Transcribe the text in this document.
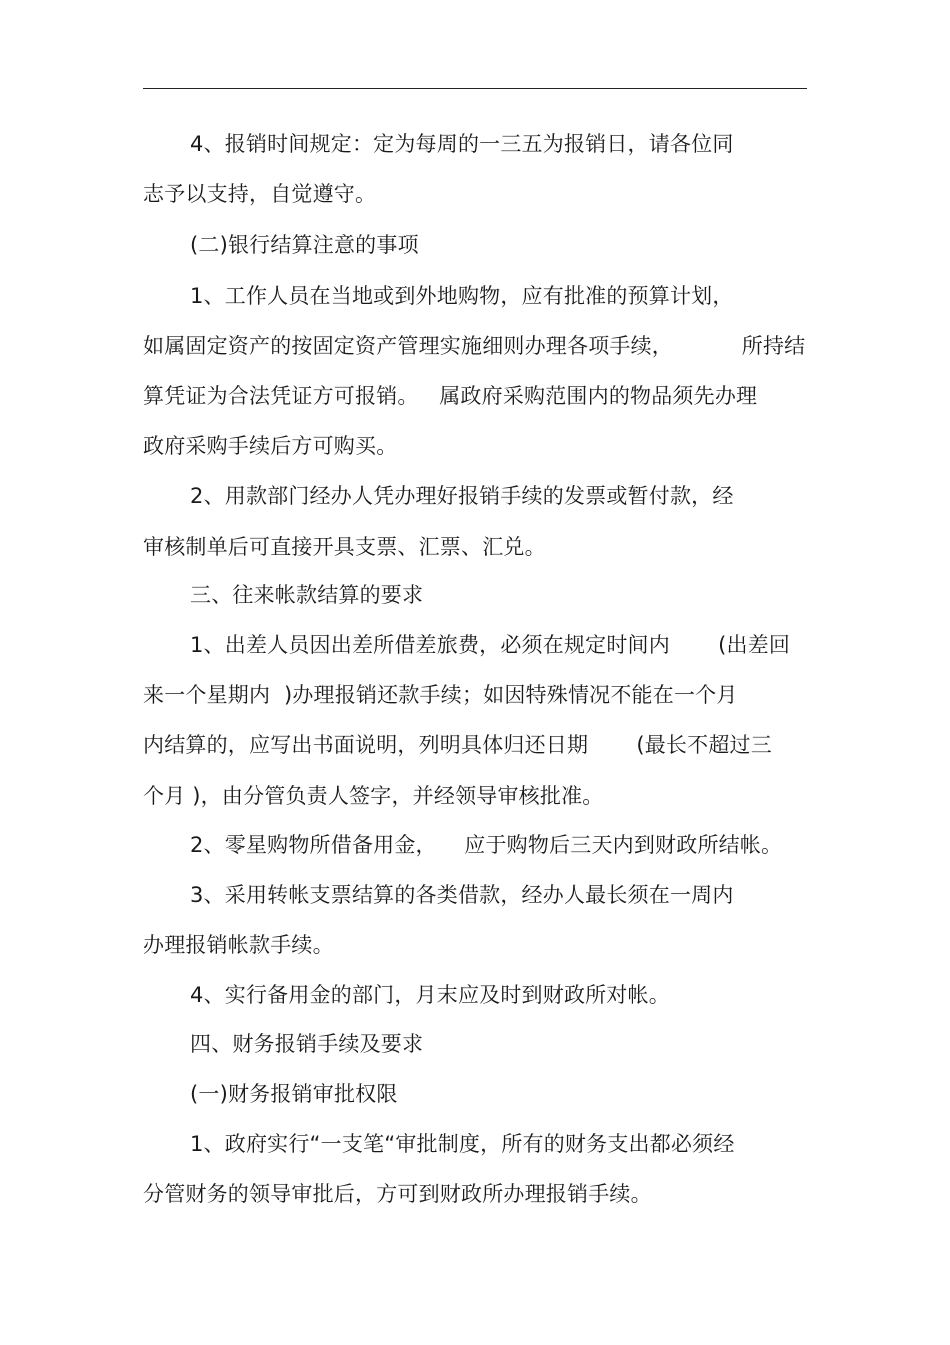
4、报销时间规定：定为每周的一三五为报销日，请各位同
志予以支持，自觉遵守。
(二)银行结算注意的事项
1、工作人员在当地或到外地购物，应有批准的预算计划，
如属固定资产的按固定资产管理实施细则办理各项手续，          所持结
算凭证为合法凭证方可报销。   属政府采购范围内的物品须先办理
政府采购手续后方可购买。
2、用款部门经办人凭办理好报销手续的发票或暂付款，经
审核制单后可直接开具支票、汇票、汇兑。
三、往来帐款结算的要求
1、出差人员因出差所借差旅费，必须在规定时间内       (出差回
来一个星期内  )办理报销还款手续；如因特殊情况不能在一个月
内结算的，应写出书面说明，列明具体归还日期       (最长不超过三
个月 )，由分管负责人签字，并经领导审核批准。
2、零星购物所借备用金，    应于购物后三天内到财政所结帐。
3、采用转帐支票结算的各类借款，经办人最长须在一周内
办理报销帐款手续。
4、实行备用金的部门，月末应及时到财政所对帐。
四、财务报销手续及要求
(一)财务报销审批权限
1、政府实行“一支笔“审批制度，所有的财务支出都必须经
分管财务的领导审批后，方可到财政所办理报销手续。
